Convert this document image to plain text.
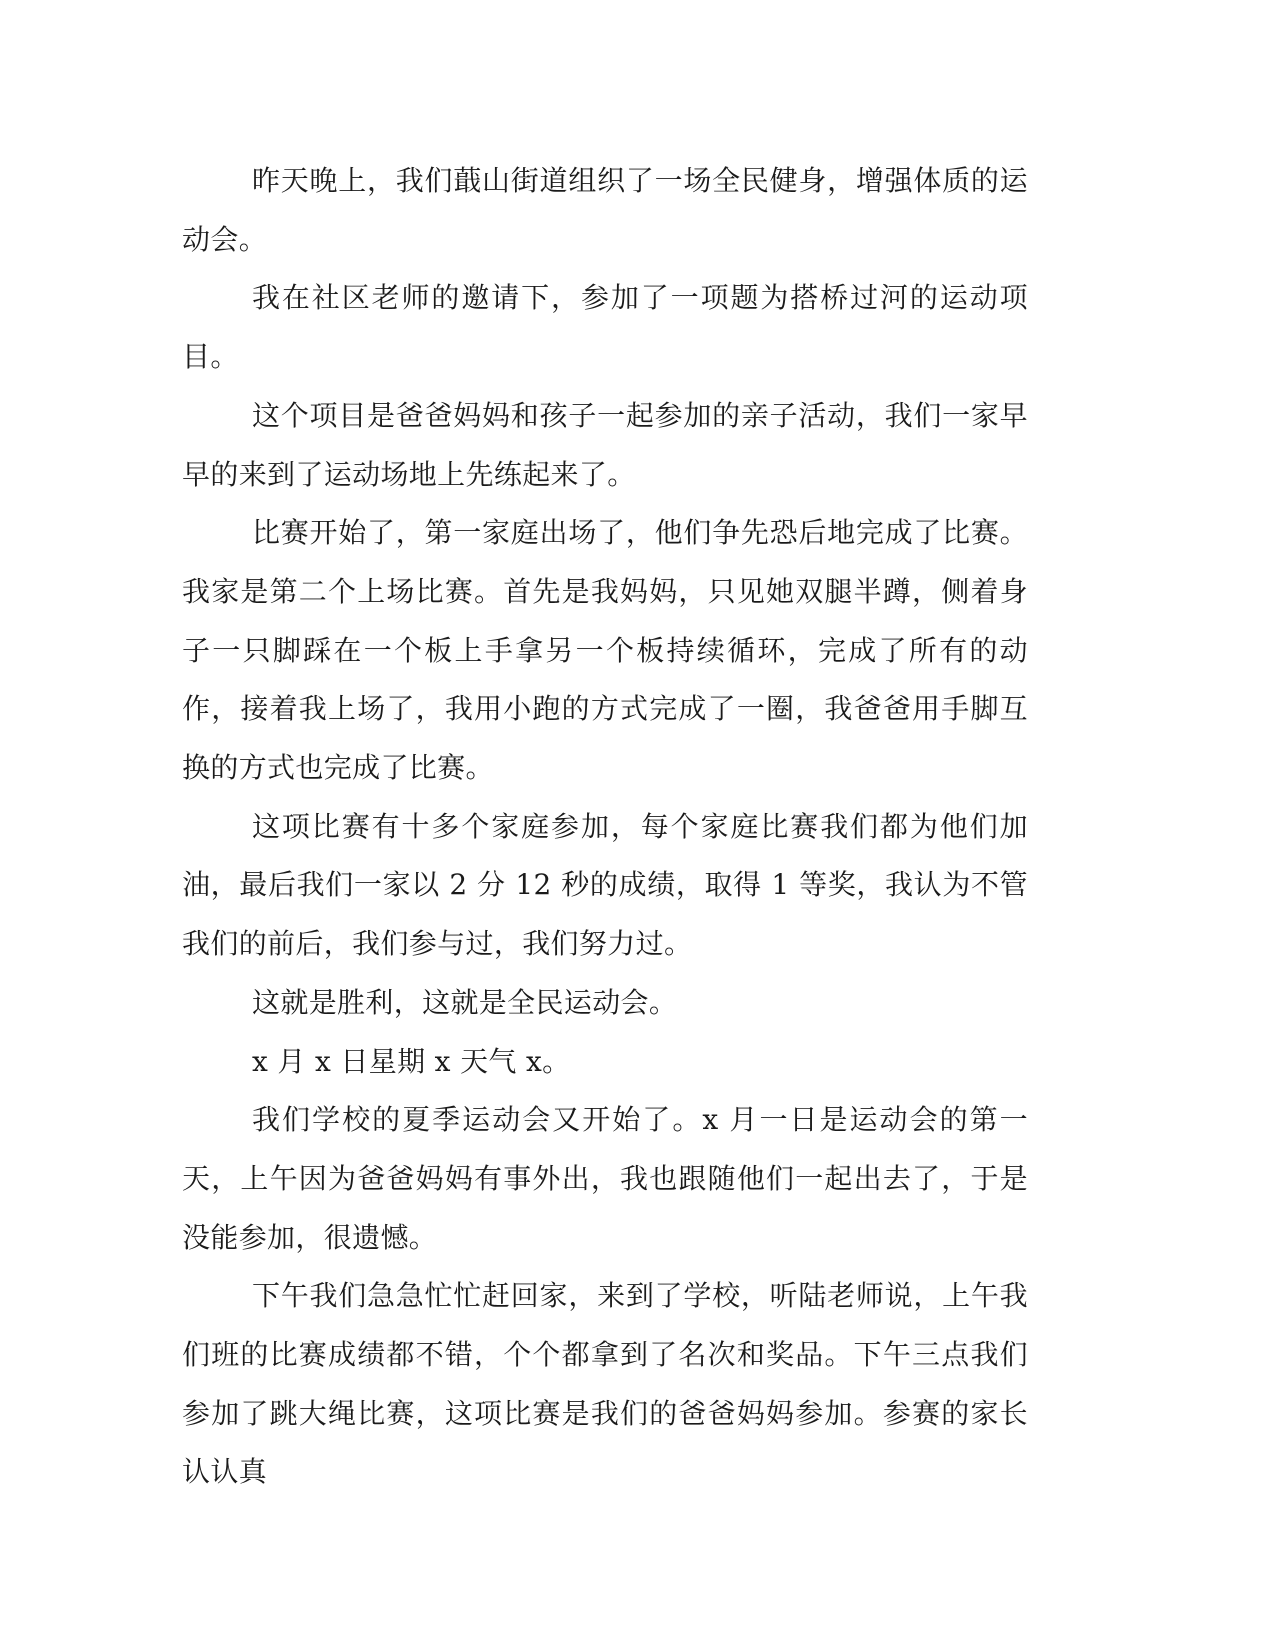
昨天晚上，我们蕺山街道组织了一场全民健身，增强体质的运动会。

我在社区老师的邀请下，参加了一项题为搭桥过河的运动项目。

这个项目是爸爸妈妈和孩子一起参加的亲子活动，我们一家早早的来到了运动场地上先练起来了。

比赛开始了，第一家庭出场了，他们争先恐后地完成了比赛。我家是第二个上场比赛。首先是我妈妈，只见她双腿半蹲，侧着身子一只脚踩在一个板上手拿另一个板持续循环，完成了所有的动作，接着我上场了，我用小跑的方式完成了一圈，我爸爸用手脚互换的方式也完成了比赛。

这项比赛有十多个家庭参加，每个家庭比赛我们都为他们加油，最后我们一家以 2 分 12 秒的成绩，取得 1 等奖，我认为不管我们的前后，我们参与过，我们努力过。

这就是胜利，这就是全民运动会。

x 月 x 日星期 x 天气 x。

我们学校的夏季运动会又开始了。x 月一日是运动会的第一天，上午因为爸爸妈妈有事外出，我也跟随他们一起出去了，于是没能参加，很遗憾。

下午我们急急忙忙赶回家，来到了学校，听陆老师说，上午我们班的比赛成绩都不错，个个都拿到了名次和奖品。下午三点我们参加了跳大绳比赛，这项比赛是我们的爸爸妈妈参加。参赛的家长认认真
